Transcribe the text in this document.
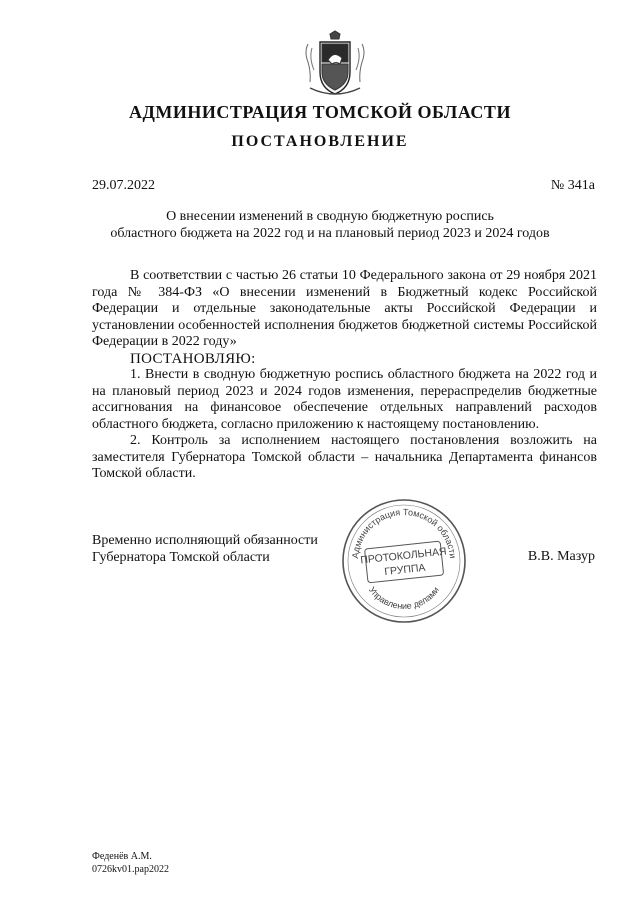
АДМИНИСТРАЦИЯ ТОМСКОЙ ОБЛАСТИ
ПОСТАНОВЛЕНИЕ
29.07.2022	№ 341а
О внесении изменений в сводную бюджетную роспись
областного бюджета на 2022 год и на плановый период 2023 и 2024 годов

В соответствии с частью 26 статьи 10 Федерального закона от 29 ноября 2021 года № 384-ФЗ «О внесении изменений в Бюджетный кодекс Российской Федерации и отдельные законодательные акты Российской Федерации и установлении особенностей исполнения бюджетов бюджетной системы Российской Федерации в 2022 году»

ПОСТАНОВЛЯЮ:

1. Внести в сводную бюджетную роспись областного бюджета на 2022 год и на плановый период 2023 и 2024 годов изменения, перераспределив бюджетные ассигнования на финансовое обеспечение отдельных направлений расходов областного бюджета, согласно приложению к настоящему постановлению.

2. Контроль за исполнением настоящего постановления возложить на заместителя Губернатора Томской области – начальника Департамента финансов Томской области.

Временно исполняющий обязанности
Губернатора Томской области	В.В. Мазур
Администрация Томской области
Управление делами
ПРОТОКОЛЬНАЯ
ГРУППА
Феденёв А.М.
0726kv01.pap2022
